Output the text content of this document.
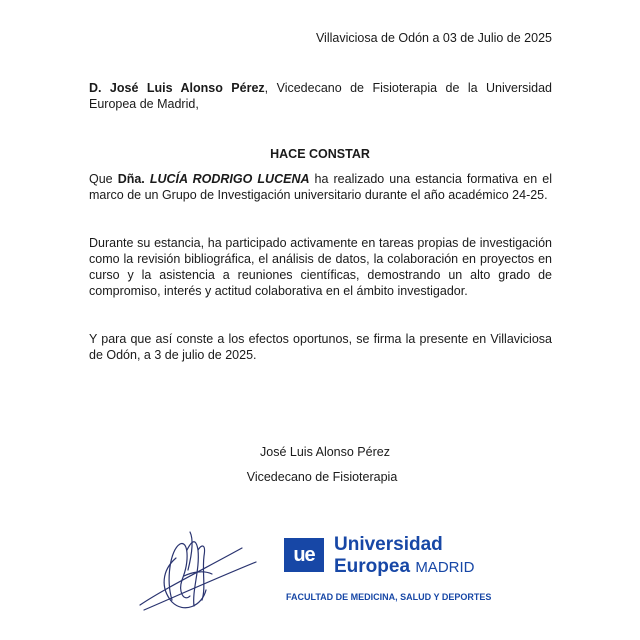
Villaviciosa de Odón a 03 de Julio de 2025

D. José Luis Alonso Pérez, Vicedecano de Fisioterapia de la Universidad Europea de Madrid,

HACE CONSTAR

Que Dña. LUCÍA RODRIGO LUCENA ha realizado una estancia formativa en el marco de un Grupo de Investigación universitario durante el año académico 24-25.

Durante su estancia, ha participado activamente en tareas propias de investigación como la revisión bibliográfica, el análisis de datos, la colaboración en proyectos en curso y la asistencia a reuniones científicas, demostrando un alto grado de compromiso, interés y actitud colaborativa en el ámbito investigador.

Y para que así conste a los efectos oportunos, se firma la presente en Villaviciosa de Odón, a 3 de julio de 2025.

José Luis Alonso Pérez
Vicedecano de Fisioterapia
ue	Universidad
Europea MADRID
FACULTAD DE MEDICINA, SALUD Y DEPORTES
